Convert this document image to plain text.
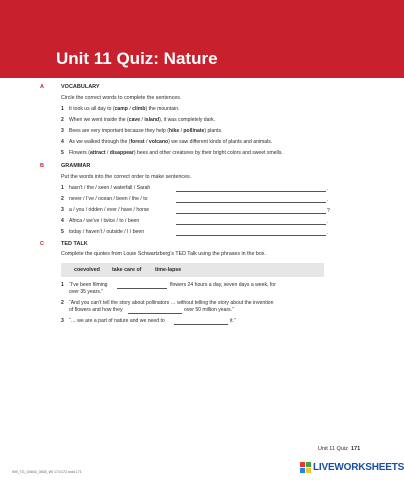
Unit 11 Quiz: Nature
A	VOCABULARY
Circle the correct words to complete the sentences.
1 It took us all day to (camp / climb) the mountain.
2 When we went inside the (cave / island), it was completely dark.
3 Bees are very important because they help (hike / pollinate) plants.
4 As we walked through the (forest / volcano) we saw different kinds of plants and animals.
5 Flowers (attract / disappear) bees and other creatures by their bright colors and sweet smells.
B	GRAMMAR
Put the words into the correct order to make sentences.
1 hasn’t / the / seen / waterfall / Sarah	.
2 never / I’ve / ocean / been / the / to	.
3 a / you / ridden / ever / have / horse	?
4 Africa / we’ve / twice / to / been	.
5 today / haven’t / outside / I / been	.
C	TED TALK
Complete the quotes from Louie Schwartzberg’s TED Talk using the phrases in the box.
coevolved take care of	time-lapse
1 “I’ve been filming	flowers 24 hours a day, seven days a week, for
over 35 years.”
2 “And you can’t tell the story about pollinators … without telling the story about the invention
of flowers and how they	over 50 million years.”
3 “… we are a part of nature and we need to	it.”
Unit 11 Quiz 171
IN9_TG_04604_0835_WI 171/172.indd 171	LIVEWORKSHEETS
